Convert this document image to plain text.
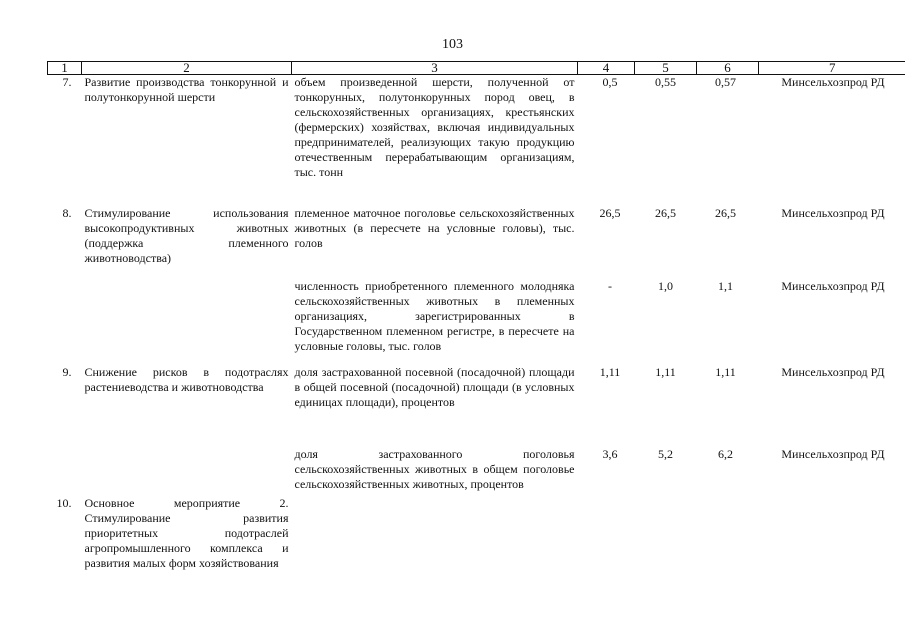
103
1	2	3	4	5	6	7
7.	Развитие производства тонкорунной и полутонкорунной шерсти	объем произведенной шерсти, полученной от тонкорунных, полутонкорунных пород овец, в сельскохозяйственных организациях, крестьянских (фермерских) хозяйствах, включая индивидуальных предпринимателей, реализующих такую продукцию отечественным перерабатывающим организациям, тыс. тонн	0,5	0,55	0,57	Минсельхозпрод РД
8.	Стимулирование использования высокопродуктивных животных (поддержка племенного животноводства)	племенное маточное поголовье сельскохозяйственных животных (в пересчете на условные головы), тыс. голов	26,5	26,5	26,5	Минсельхозпрод РД
		численность приобретенного племенного молодняка сельскохозяйственных животных в племенных организациях, зарегистрированных в Государственном племенном регистре, в пересчете на условные головы, тыс. голов	-	1,0	1,1	Минсельхозпрод РД
9.	Снижение рисков в подотраслях растениеводства и животноводства	доля застрахованной посевной (посадочной) площади в общей посевной (посадочной) площади (в условных единицах площади), процентов	1,11	1,11	1,11	Минсельхозпрод РД
		доля застрахованного поголовья сельскохозяйственных животных в общем поголовье сельскохозяйственных животных, процентов	3,6	5,2	6,2	Минсельхозпрод РД
10.	Основное мероприятие 2. Стимулирование развития приоритетных подотраслей агропромышленного комплекса и развития малых форм хозяйствования					
